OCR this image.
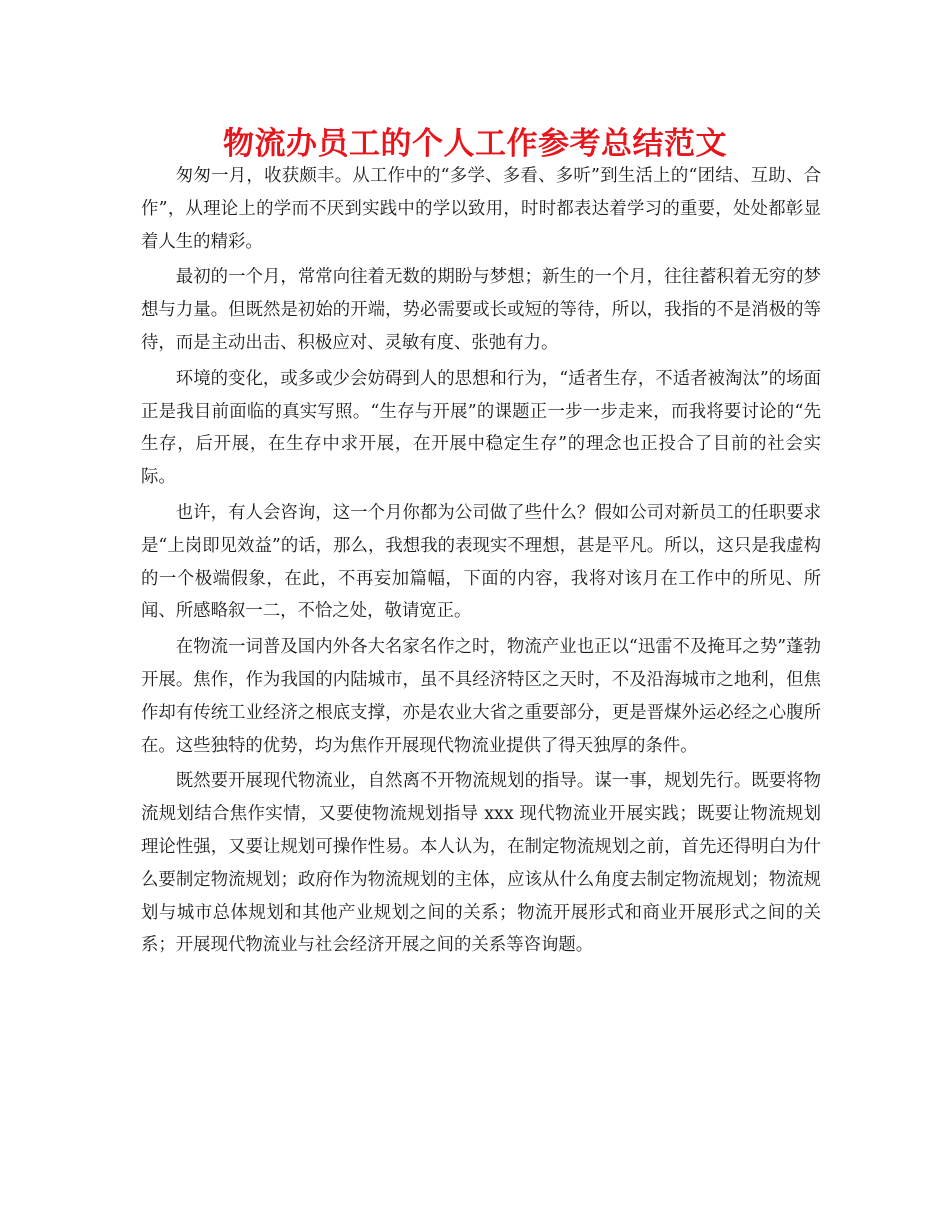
物流办员工的个人工作参考总结范文

匆匆一月，收获颇丰。从工作中的“多学、多看、多听”到生活上的“团结、互助、合作”，从理论上的学而不厌到实践中的学以致用，时时都表达着学习的重要，处处都彰显着人生的精彩。

最初的一个月，常常向往着无数的期盼与梦想；新生的一个月，往往蓄积着无穷的梦想与力量。但既然是初始的开端，势必需要或长或短的等待，所以，我指的不是消极的等待，而是主动出击、积极应对、灵敏有度、张弛有力。

环境的变化，或多或少会妨碍到人的思想和行为，“适者生存，不适者被淘汰”的场面正是我目前面临的真实写照。“生存与开展”的课题正一步一步走来，而我将要讨论的“先生存，后开展，在生存中求开展，在开展中稳定生存”的理念也正投合了目前的社会实际。

也许，有人会咨询，这一个月你都为公司做了些什么？假如公司对新员工的任职要求是“上岗即见效益”的话，那么，我想我的表现实不理想，甚是平凡。所以，这只是我虚构的一个极端假象，在此，不再妄加篇幅，下面的内容，我将对该月在工作中的所见、所闻、所感略叙一二，不恰之处，敬请宽正。

在物流一词普及国内外各大名家名作之时，物流产业也正以“迅雷不及掩耳之势”蓬勃开展。焦作，作为我国的内陆城市，虽不具经济特区之天时，不及沿海城市之地利，但焦作却有传统工业经济之根底支撑，亦是农业大省之重要部分，更是晋煤外运必经之心腹所在。这些独特的优势，均为焦作开展现代物流业提供了得天独厚的条件。

既然要开展现代物流业，自然离不开物流规划的指导。谋一事，规划先行。既要将物流规划结合焦作实情，又要使物流规划指导 xxx 现代物流业开展实践；既要让物流规划理论性强，又要让规划可操作性易。本人认为，在制定物流规划之前，首先还得明白为什么要制定物流规划；政府作为物流规划的主体，应该从什么角度去制定物流规划；物流规划与城市总体规划和其他产业规划之间的关系；物流开展形式和商业开展形式之间的关系；开展现代物流业与社会经济开展之间的关系等咨询题。
